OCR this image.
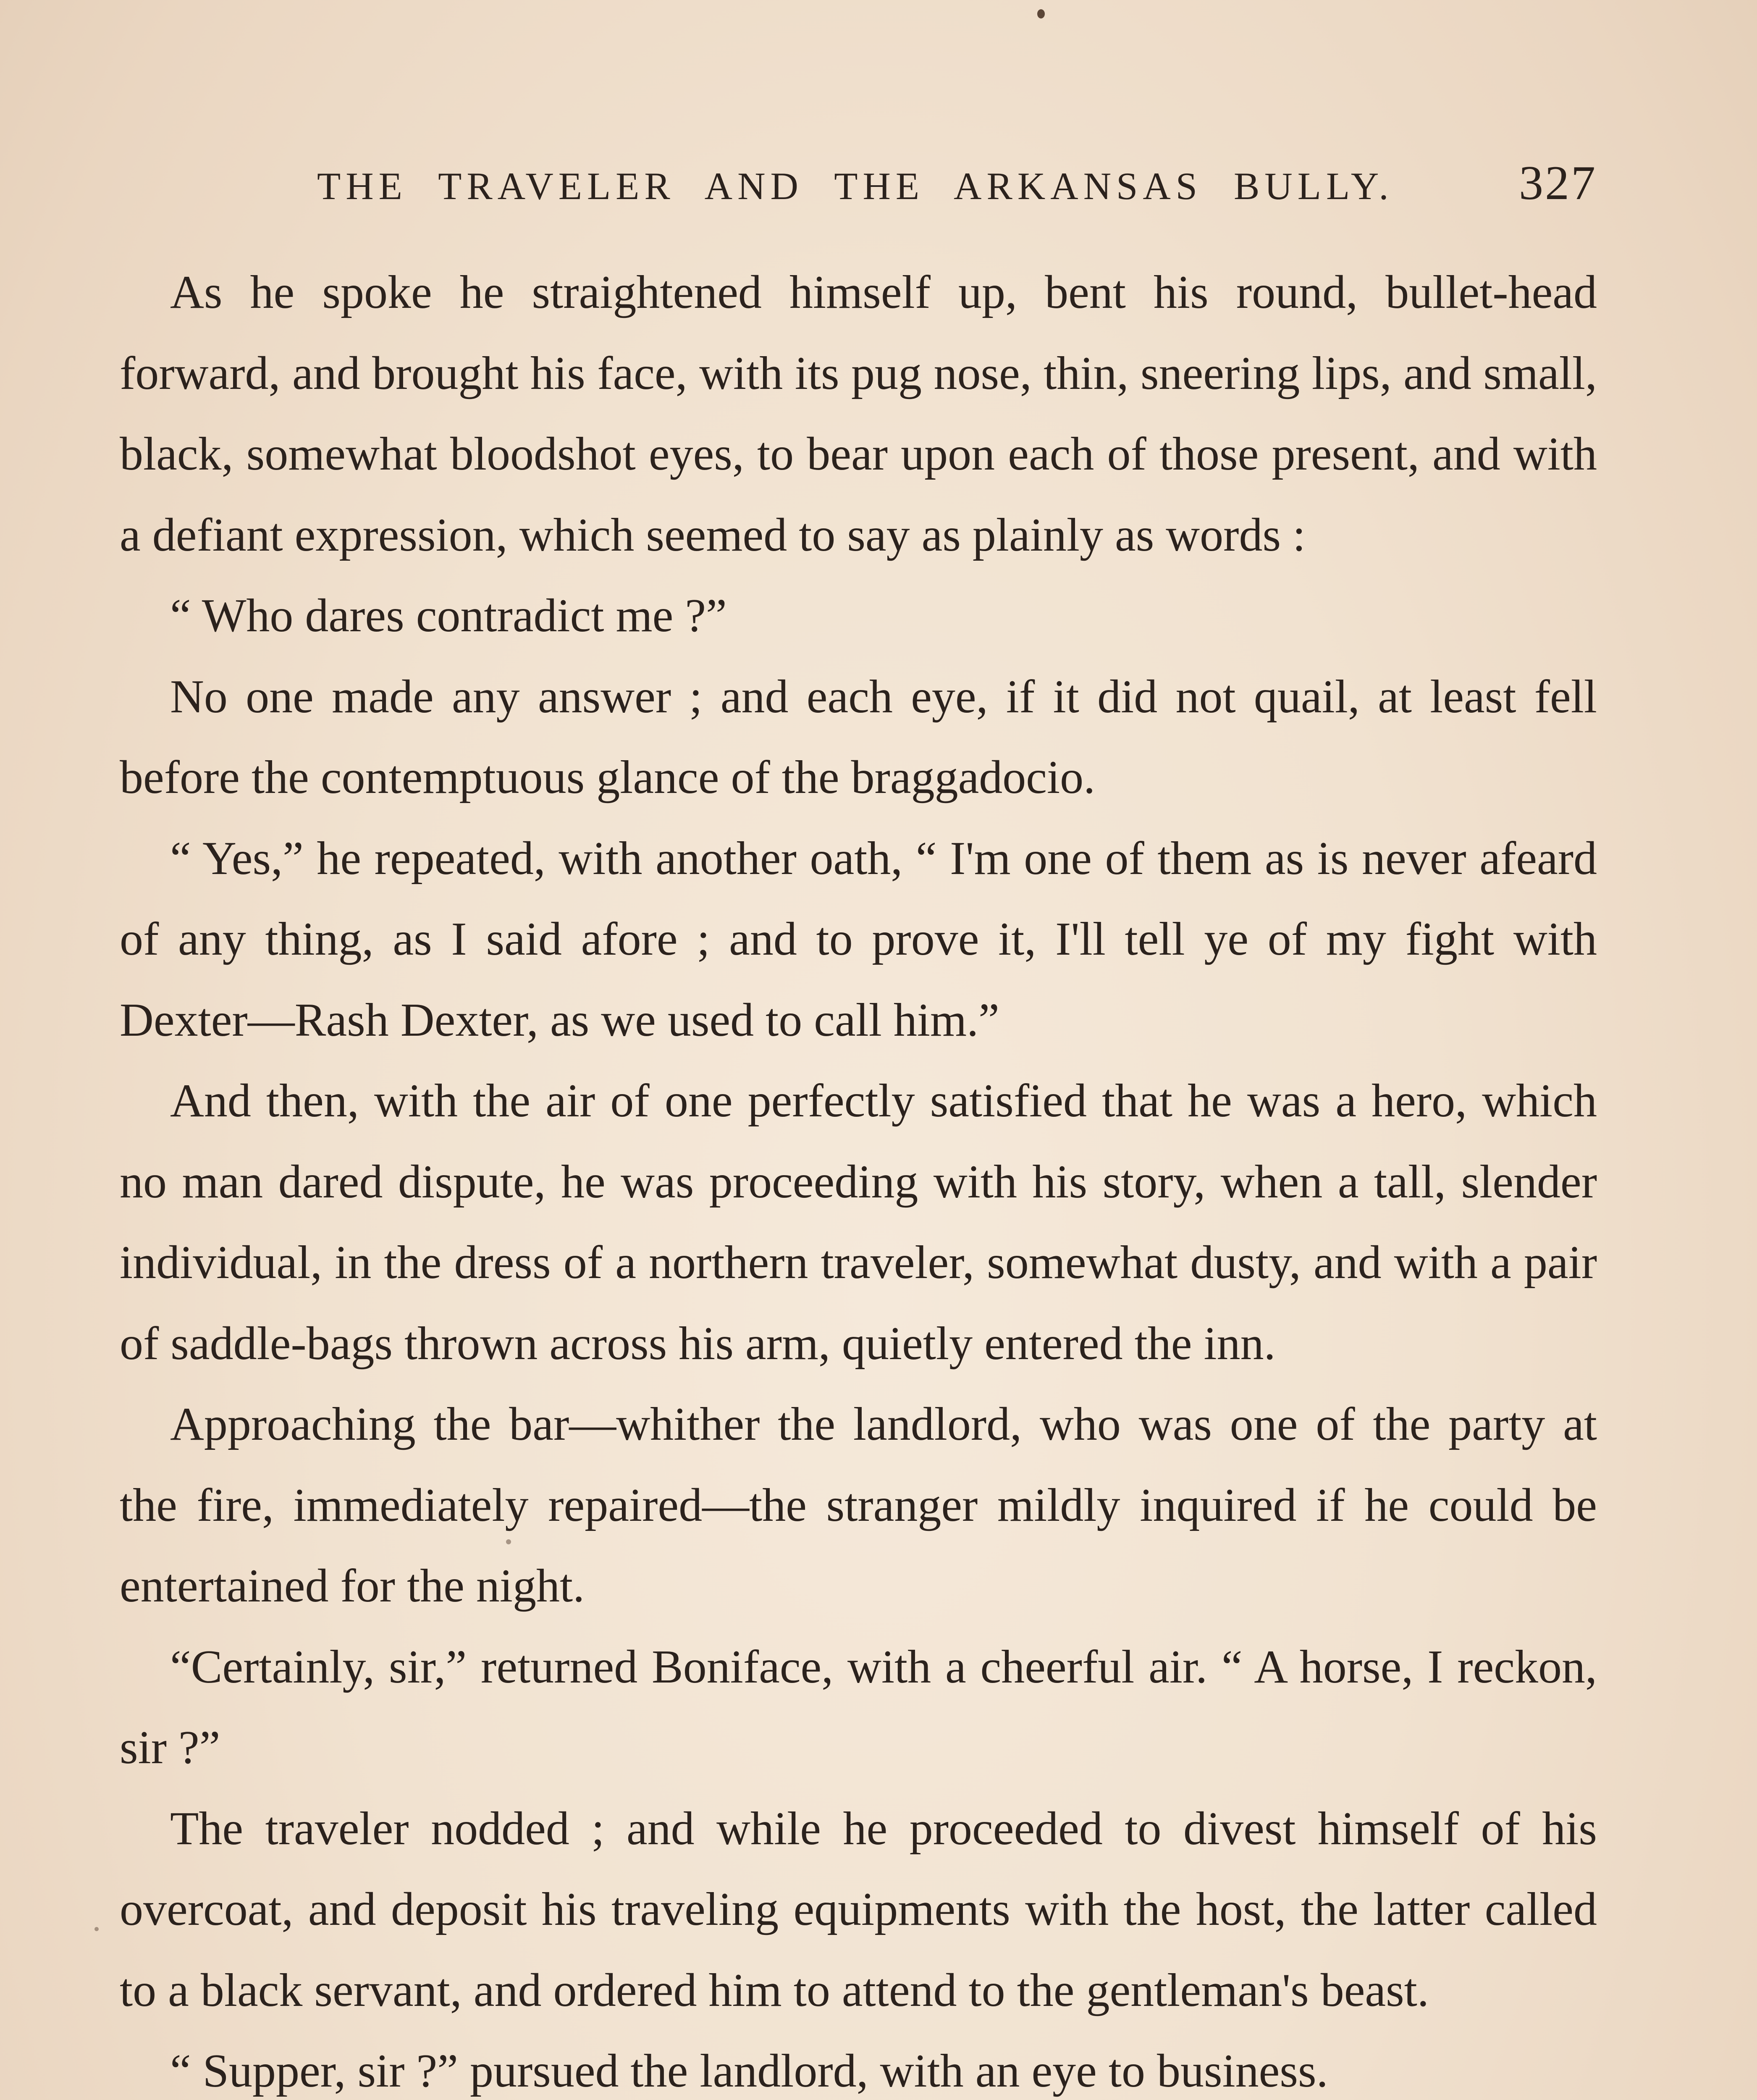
THE TRAVELER AND THE ARKANSAS BULLY.	327

As he spoke he straightened himself up, bent his round, bullet-head forward, and brought his face, with its pug nose, thin, sneering lips, and small, black, somewhat bloodshot eyes, to bear upon each of those present, and with a defiant expression, which seemed to say as plainly as words :

“ Who dares contradict me ?”

No one made any answer ; and each eye, if it did not quail, at least fell before the contemptuous glance of the braggadocio.

“ Yes,” he repeated, with another oath, “ I'm one of them as is never afeard of any thing, as I said afore ; and to prove it, I'll tell ye of my fight with Dexter—Rash Dexter, as we used to call him.”

And then, with the air of one perfectly satisfied that he was a hero, which no man dared dispute, he was proceeding with his story, when a tall, slender individual, in the dress of a northern traveler, somewhat dusty, and with a pair of saddle-bags thrown across his arm, quietly entered the inn.

Approaching the bar—whither the landlord, who was one of the party at the fire, immediately repaired—the stranger mildly inquired if he could be entertained for the night.

“Certainly, sir,” returned Boniface, with a cheerful air. “ A horse, I reckon, sir ?”

The traveler nodded ; and while he proceeded to divest himself of his overcoat, and deposit his traveling equipments with the host, the latter called to a black servant, and ordered him to attend to the gentleman's beast.

“ Supper, sir ?” pursued the landlord, with an eye to business.
